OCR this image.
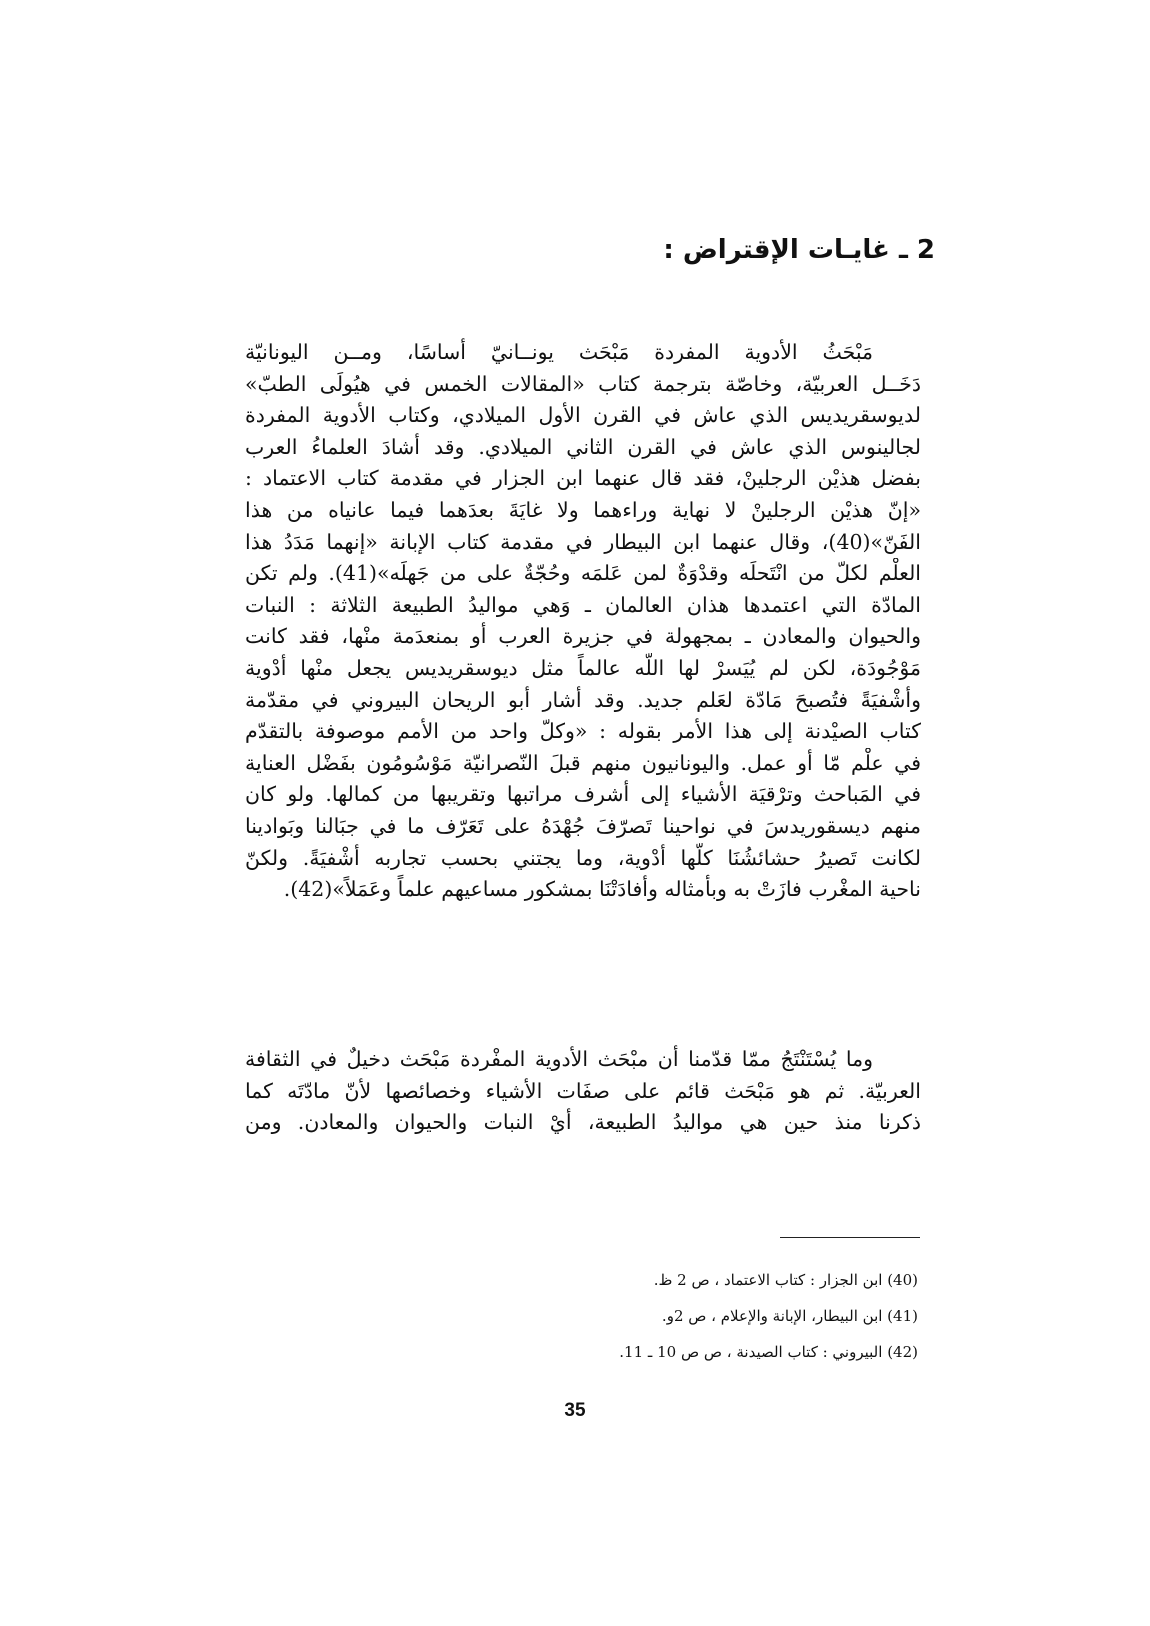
2 ـ غايـات الإقتراض :
مَبْحَثُ الأدوية المفردة مَبْحَث يونــانيّ أساسًا، ومــن اليونانيّة
دَخَــل العربيّة، وخاصّة بترجمة كتاب «المقالات الخمس في هيُولَى الطبّ»
لديوسقريديس الذي عاش في القرن الأول الميلادي، وكتاب الأدوية المفردة
لجالينوس الذي عاش في القرن الثاني الميلادي. وقد أشادَ العلماءُ العرب
بفضل هذيْن الرجلينْ، فقد قال عنهما ابن الجزار في مقدمة كتاب الاعتماد :
«إنّ هذيْن الرجلينْ لا نهاية وراءهما ولا غايَةَ بعدَهما فيما عانياه من هذا
الفَنّ»(40)، وقال عنهما ابن البيطار في مقدمة كتاب الإبانة «إنهما مَدَدُ هذا
العلْم لكلّ من انْتَحلَه وقدْوَةٌ لمن عَلمَه وحُجّةٌ على من جَهلَه»(41). ولم تكن
المادّة التي اعتمدها هذان العالمان ـ وَهي مواليدُ الطبيعة الثلاثة : النبات
والحيوان والمعادن ـ بمجهولة في جزيرة العرب أو بمنعدَمة منْها، فقد كانت
مَوْجُودَة، لكن لم يُيَسرْ لها اللّه عالماً مثل ديوسقريديس يجعل منْها أدْوية
وأشْفيَةً فتُصبحَ مَادّة لعَلم جديد. وقد أشار أبو الريحان البيروني في مقدّمة
كتاب الصيْدنة إلى هذا الأمر بقوله : «وكلّ واحد من الأمم موصوفة بالتقدّم
في علْم مّا أو عمل. واليونانيون منهم قبلَ النّصرانيّة مَوْسُومُون بفَضْل العناية
في المَباحث وترْقيَة الأشياء إلى أشرف مراتبها وتقريبها من كمالها. ولو كان
منهم ديسقوريدسَ في نواحينا تَصرّفَ جُهْدَهُ على تَعَرّف ما في جبَالنا وبَوادينا
لكانت تَصيرُ حشائشُنَا كلّها أدْوية، وما يجتني بحسب تجاربه أشْفيَةً. ولكنّ
ناحية المغْرب فازَتْ به وبأمثاله وأفادَتْنَا بمشكور مساعيهم علماً وعَمَلاً»(42).
وما يُسْتَنْتَجُ ممّا قدّمنا أن مبْحَث الأدوية المفْردة مَبْحَث دخيلٌ في الثقافة
العربيّة. ثم هو مَبْحَث قائم على صفَات الأشياء وخصائصها لأنّ مادّتَه كما
ذكرنا منذ حين هي مواليدُ الطبيعة، أيْ النبات والحيوان والمعادن. ومن
(40) ابن الجزار : كتاب الاعتماد ، ص 2 ظ.
(41) ابن البيطار، الإبانة والإعلام ، ص 2و.
(42) البيروني : كتاب الصيدنة ، ص ص 10 ـ 11.
35
